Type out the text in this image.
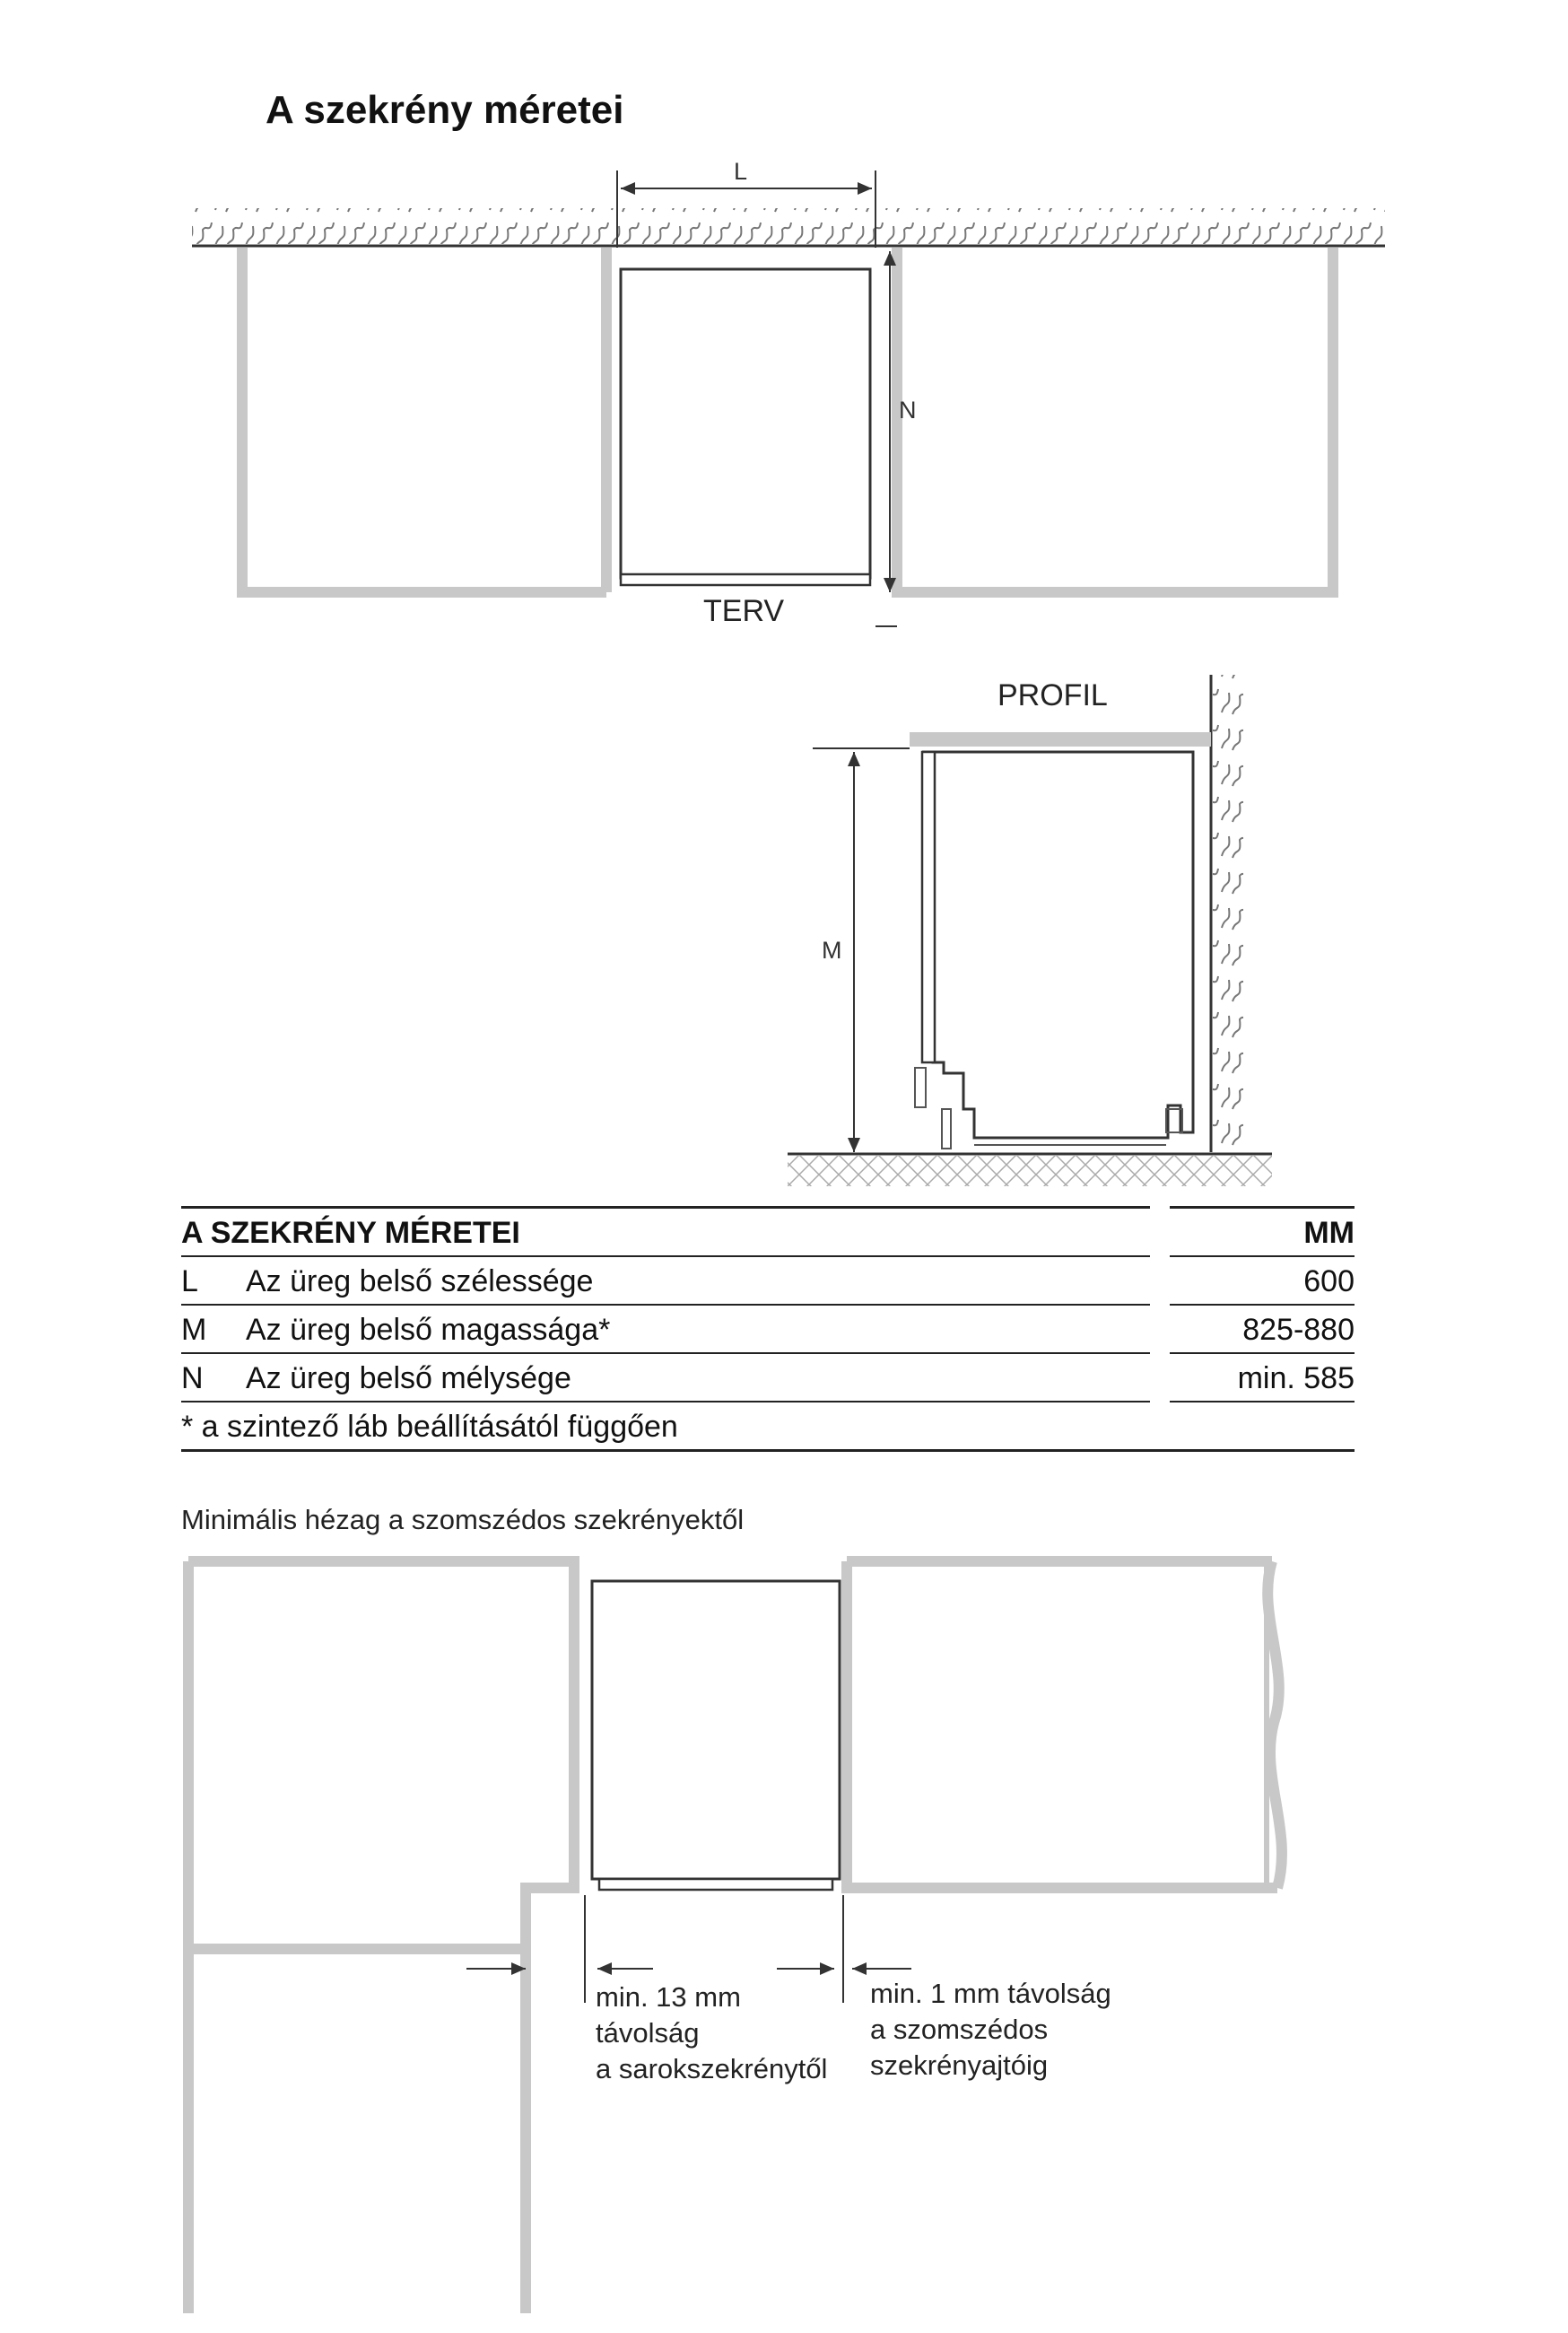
A szekrény méretei
L
N
TERV
PROFIL
M
A SZEKRÉNY MÉRETEI			MM
L	Az üreg belső szélessége		600
M	Az üreg belső magassága*		825-880
N	Az üreg belső mélysége		min. 585
* a szintező láb beállításától függően			
Minimális hézag a szomszédos szekrényektől
min. 13 mm
távolság
a sarokszekrénytől
min. 1 mm távolság
a szomszédos
szekrényajtóig
